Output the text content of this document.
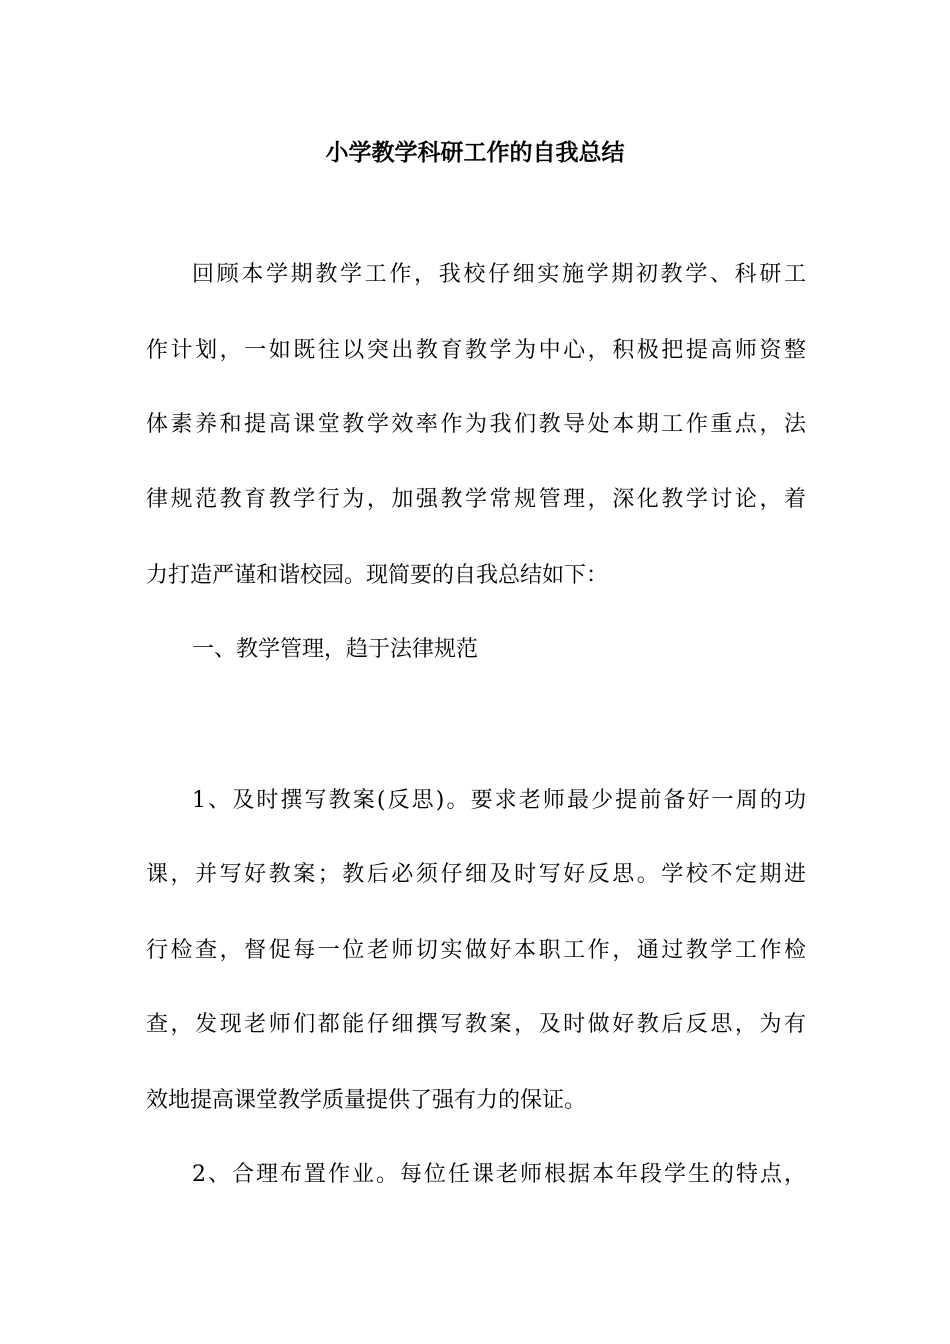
小学教学科研工作的自我总结
回顾本学期教学工作，我校仔细实施学期初教学、科研工
作计划，一如既往以突出教育教学为中心，积极把提高师资整
体素养和提高课堂教学效率作为我们教导处本期工作重点，法
律规范教育教学行为，加强教学常规管理，深化教学讨论，着
力打造严谨和谐校园。现简要的自我总结如下：
一、教学管理，趋于法律规范
1、及时撰写教案(反思)。要求老师最少提前备好一周的功
课，并写好教案；教后必须仔细及时写好反思。学校不定期进
行检查，督促每一位老师切实做好本职工作，通过教学工作检
查，发现老师们都能仔细撰写教案，及时做好教后反思，为有
效地提高课堂教学质量提供了强有力的保证。
2、合理布置作业。每位任课老师根据本年段学生的特点，
